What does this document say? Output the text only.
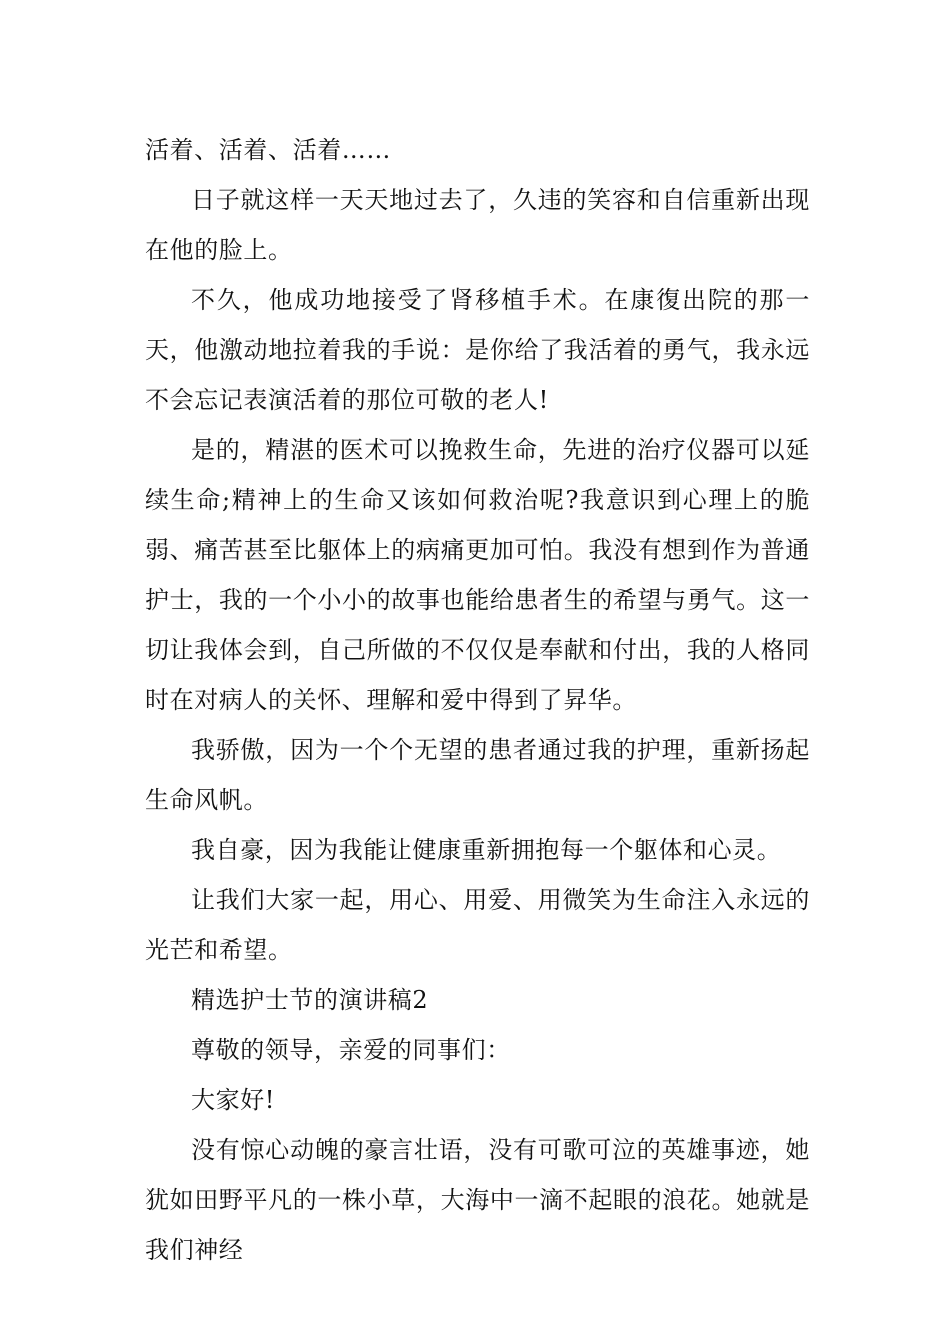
活着、活着、活着……

日子就这样一天天地过去了，久违的笑容和自信重新出现在他的脸上。

不久，他成功地接受了肾移植手术。在康復出院的那一天，他激动地拉着我的手说：是你给了我活着的勇气，我永远不会忘记表演活着的那位可敬的老人!

是的，精湛的医术可以挽救生命，先进的治疗仪器可以延续生命;精神上的生命又该如何救治呢?我意识到心理上的脆弱、痛苦甚至比躯体上的病痛更加可怕。我没有想到作为普通护士，我的一个小小的故事也能给患者生的希望与勇气。这一切让我体会到，自己所做的不仅仅是奉献和付出，我的人格同时在对病人的关怀、理解和爱中得到了昇华。

我骄傲，因为一个个无望的患者通过我的护理，重新扬起生命风帆。

我自豪，因为我能让健康重新拥抱每一个躯体和心灵。

让我们大家一起，用心、用爱、用微笑为生命注入永远的光芒和希望。

精选护士节的演讲稿2

尊敬的领导，亲爱的同事们：

大家好!

没有惊心动魄的豪言壮语，没有可歌可泣的英雄事迹，她犹如田野平凡的一株小草，大海中一滴不起眼的浪花。她就是我们神经
